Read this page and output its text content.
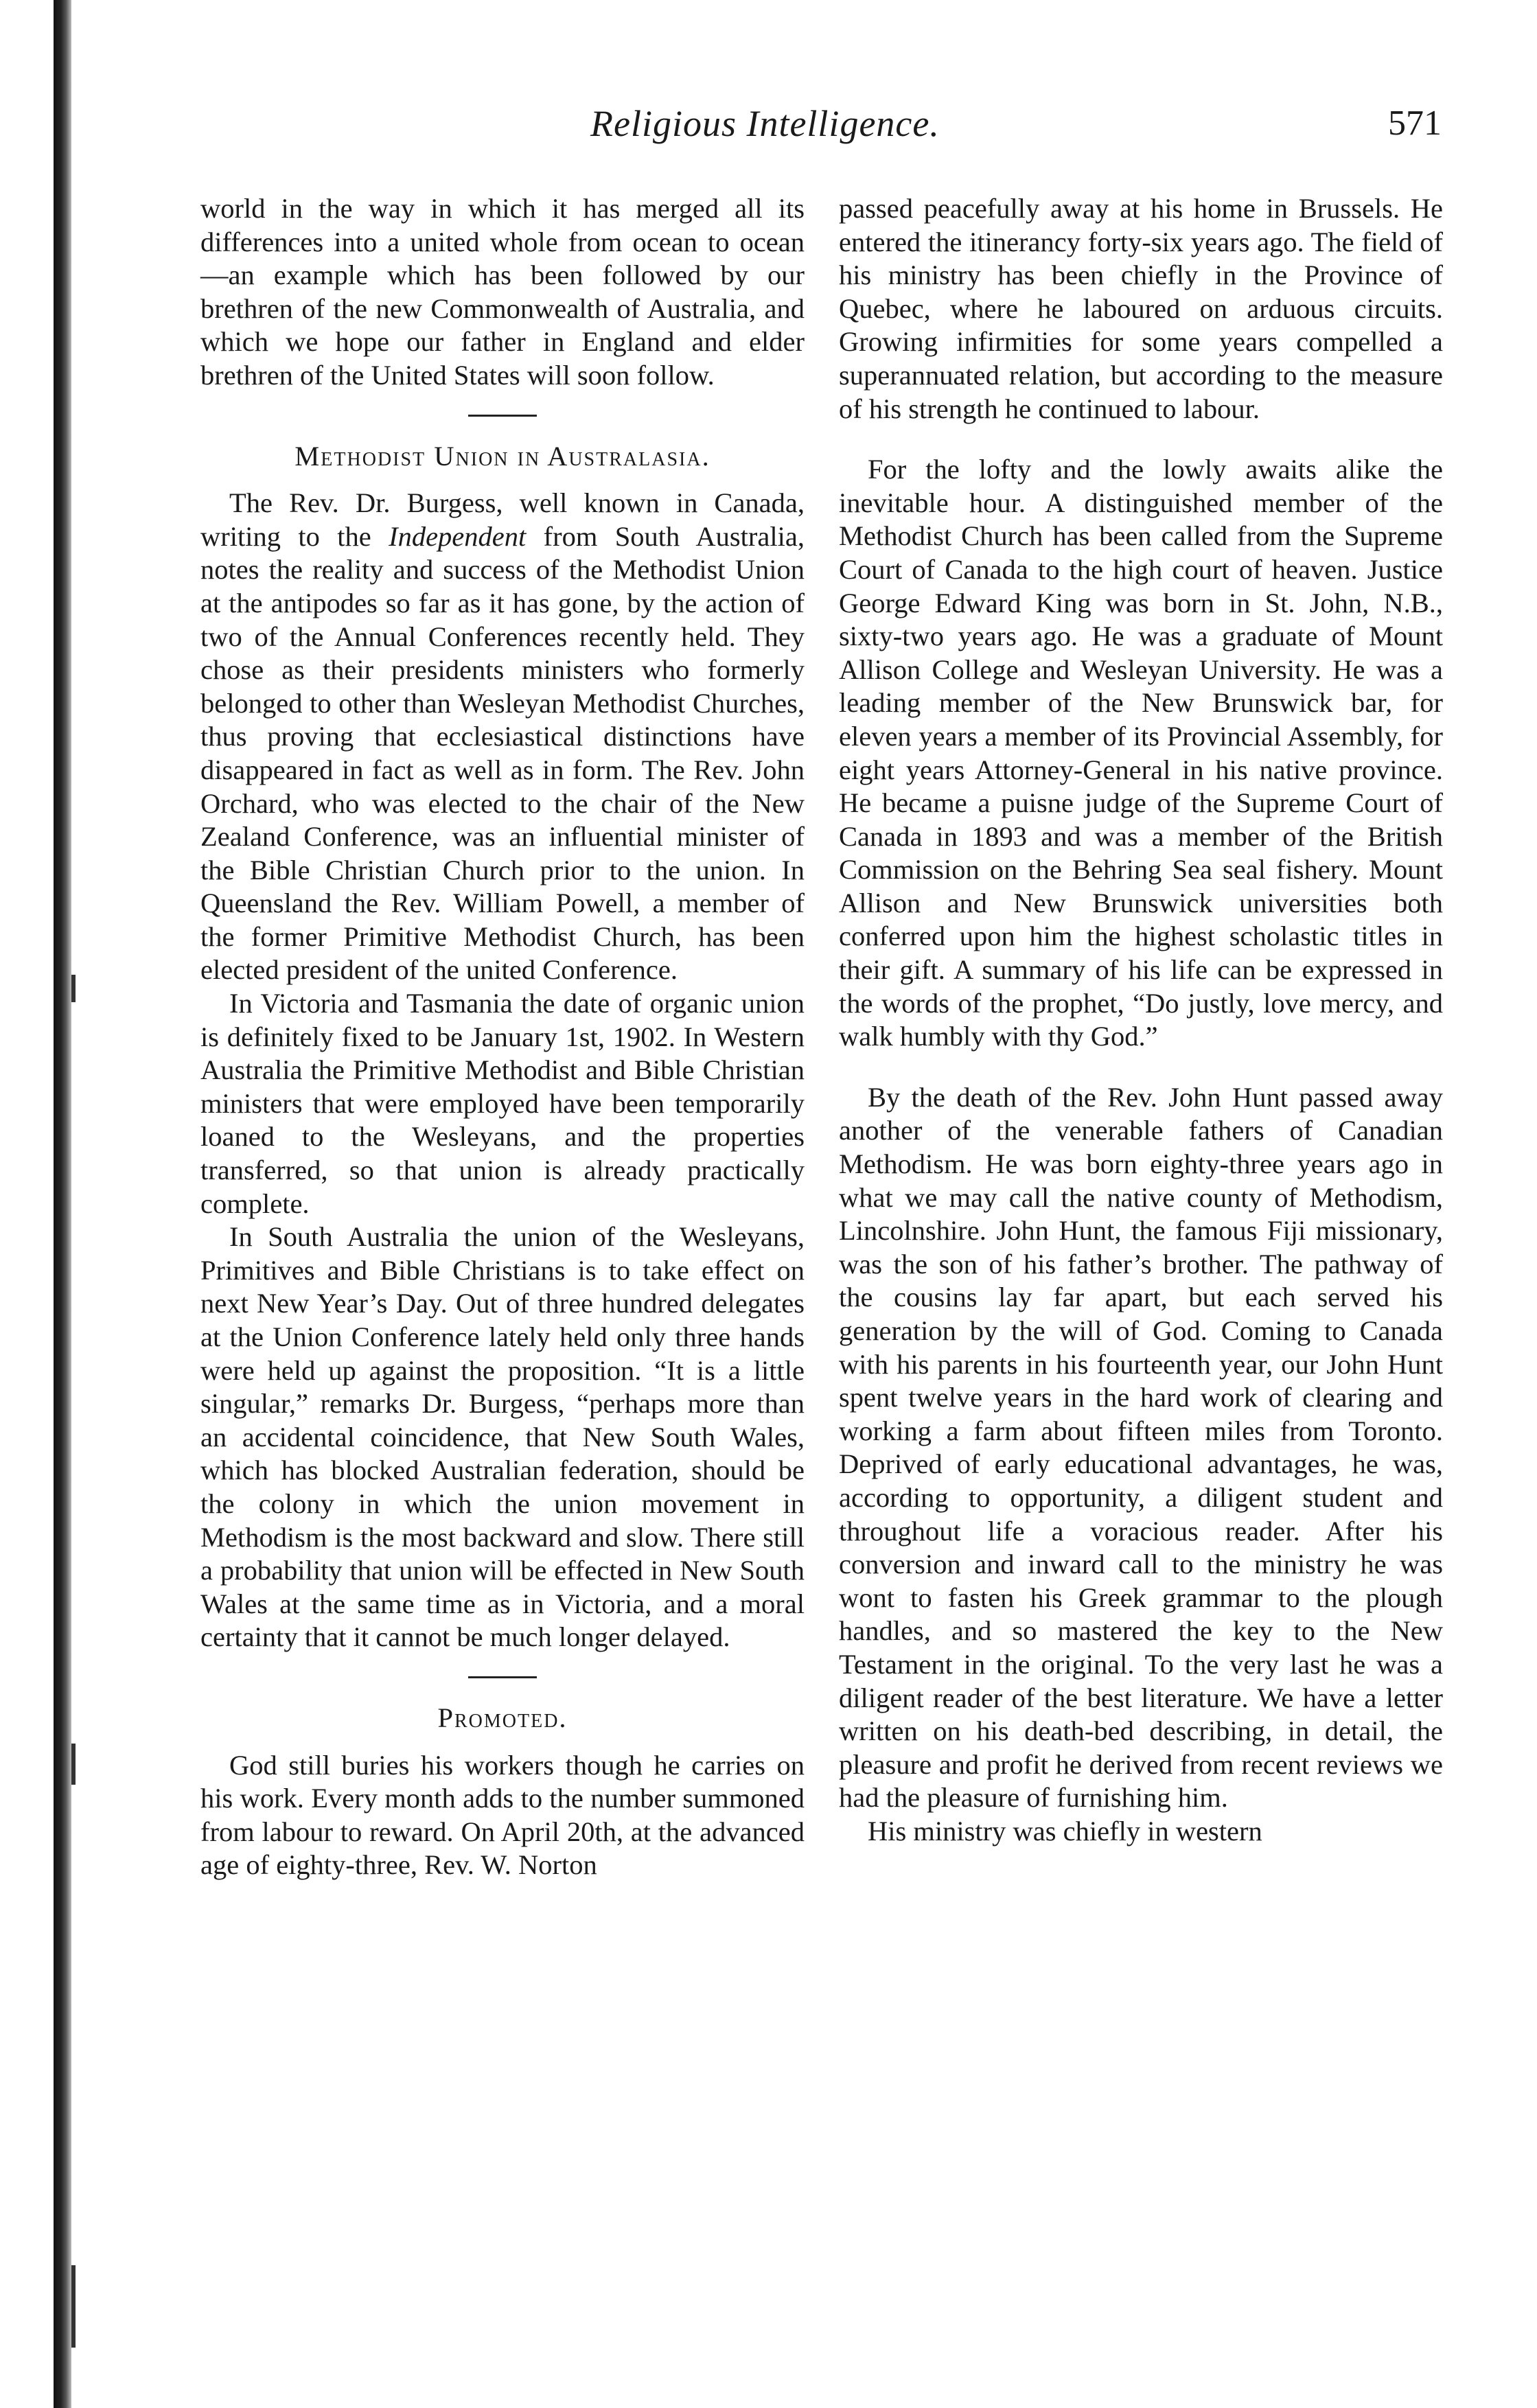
Religious Intelligence.	571

world in the way in which it has merged all its differences into a united whole from ocean to ocean—an example which has been followed by our brethren of the new Commonwealth of Australia, and which we hope our father in England and elder brethren of the United States will soon follow.

Methodist Union in Australasia.

The Rev. Dr. Burgess, well known in Canada, writing to the Independent from South Australia, notes the reality and success of the Methodist Union at the antipodes so far as it has gone, by the action of two of the Annual Conferences recently held. They chose as their presidents ministers who formerly belonged to other than Wesleyan Methodist Churches, thus proving that ecclesiastical distinctions have disappeared in fact as well as in form. The Rev. John Orchard, who was elected to the chair of the New Zealand Conference, was an influential minister of the Bible Christian Church prior to the union. In Queensland the Rev. William Powell, a member of the former Primitive Methodist Church, has been elected president of the united Conference.

In Victoria and Tasmania the date of organic union is definitely fixed to be January 1st, 1902. In Western Australia the Primitive Methodist and Bible Christian ministers that were employed have been temporarily loaned to the Wesleyans, and the properties transferred, so that union is already practically complete.

In South Australia the union of the Wesleyans, Primitives and Bible Christians is to take effect on next New Year’s Day. Out of three hundred delegates at the Union Conference lately held only three hands were held up against the proposition. “It is a little singular,” remarks Dr. Burgess, “perhaps more than an accidental coincidence, that New South Wales, which has blocked Australian federation, should be the colony in which the union movement in Methodism is the most backward and slow. There still a probability that union will be effected in New South Wales at the same time as in Victoria, and a moral certainty that it cannot be much longer delayed.

Promoted.

God still buries his workers though he carries on his work. Every month adds to the number summoned from labour to reward. On April 20th, at the advanced age of eighty-three, Rev. W. Norton

passed peacefully away at his home in Brussels. He entered the itinerancy forty-six years ago. The field of his ministry has been chiefly in the Province of Quebec, where he laboured on arduous circuits. Growing infirmities for some years compelled a superannuated relation, but according to the measure of his strength he continued to labour.

For the lofty and the lowly awaits alike the inevitable hour. A distinguished member of the Methodist Church has been called from the Supreme Court of Canada to the high court of heaven. Justice George Edward King was born in St. John, N.B., sixty-two years ago. He was a graduate of Mount Allison College and Wesleyan University. He was a leading member of the New Brunswick bar, for eleven years a member of its Provincial Assembly, for eight years Attorney-General in his native province. He became a puisne judge of the Supreme Court of Canada in 1893 and was a member of the British Commission on the Behring Sea seal fishery. Mount Allison and New Brunswick universities both conferred upon him the highest scholastic titles in their gift. A summary of his life can be expressed in the words of the prophet, “Do justly, love mercy, and walk humbly with thy God.”

By the death of the Rev. John Hunt passed away another of the venerable fathers of Canadian Methodism. He was born eighty-three years ago in what we may call the native county of Methodism, Lincolnshire. John Hunt, the famous Fiji missionary, was the son of his father’s brother. The pathway of the cousins lay far apart, but each served his generation by the will of God. Coming to Canada with his parents in his fourteenth year, our John Hunt spent twelve years in the hard work of clearing and working a farm about fifteen miles from Toronto. Deprived of early educational advantages, he was, according to opportunity, a diligent student and throughout life a voracious reader. After his conversion and inward call to the ministry he was wont to fasten his Greek grammar to the plough handles, and so mastered the key to the New Testament in the original. To the very last he was a diligent reader of the best literature. We have a letter written on his death-bed describing, in detail, the pleasure and profit he derived from recent reviews we had the pleasure of furnishing him.

His ministry was chiefly in western
